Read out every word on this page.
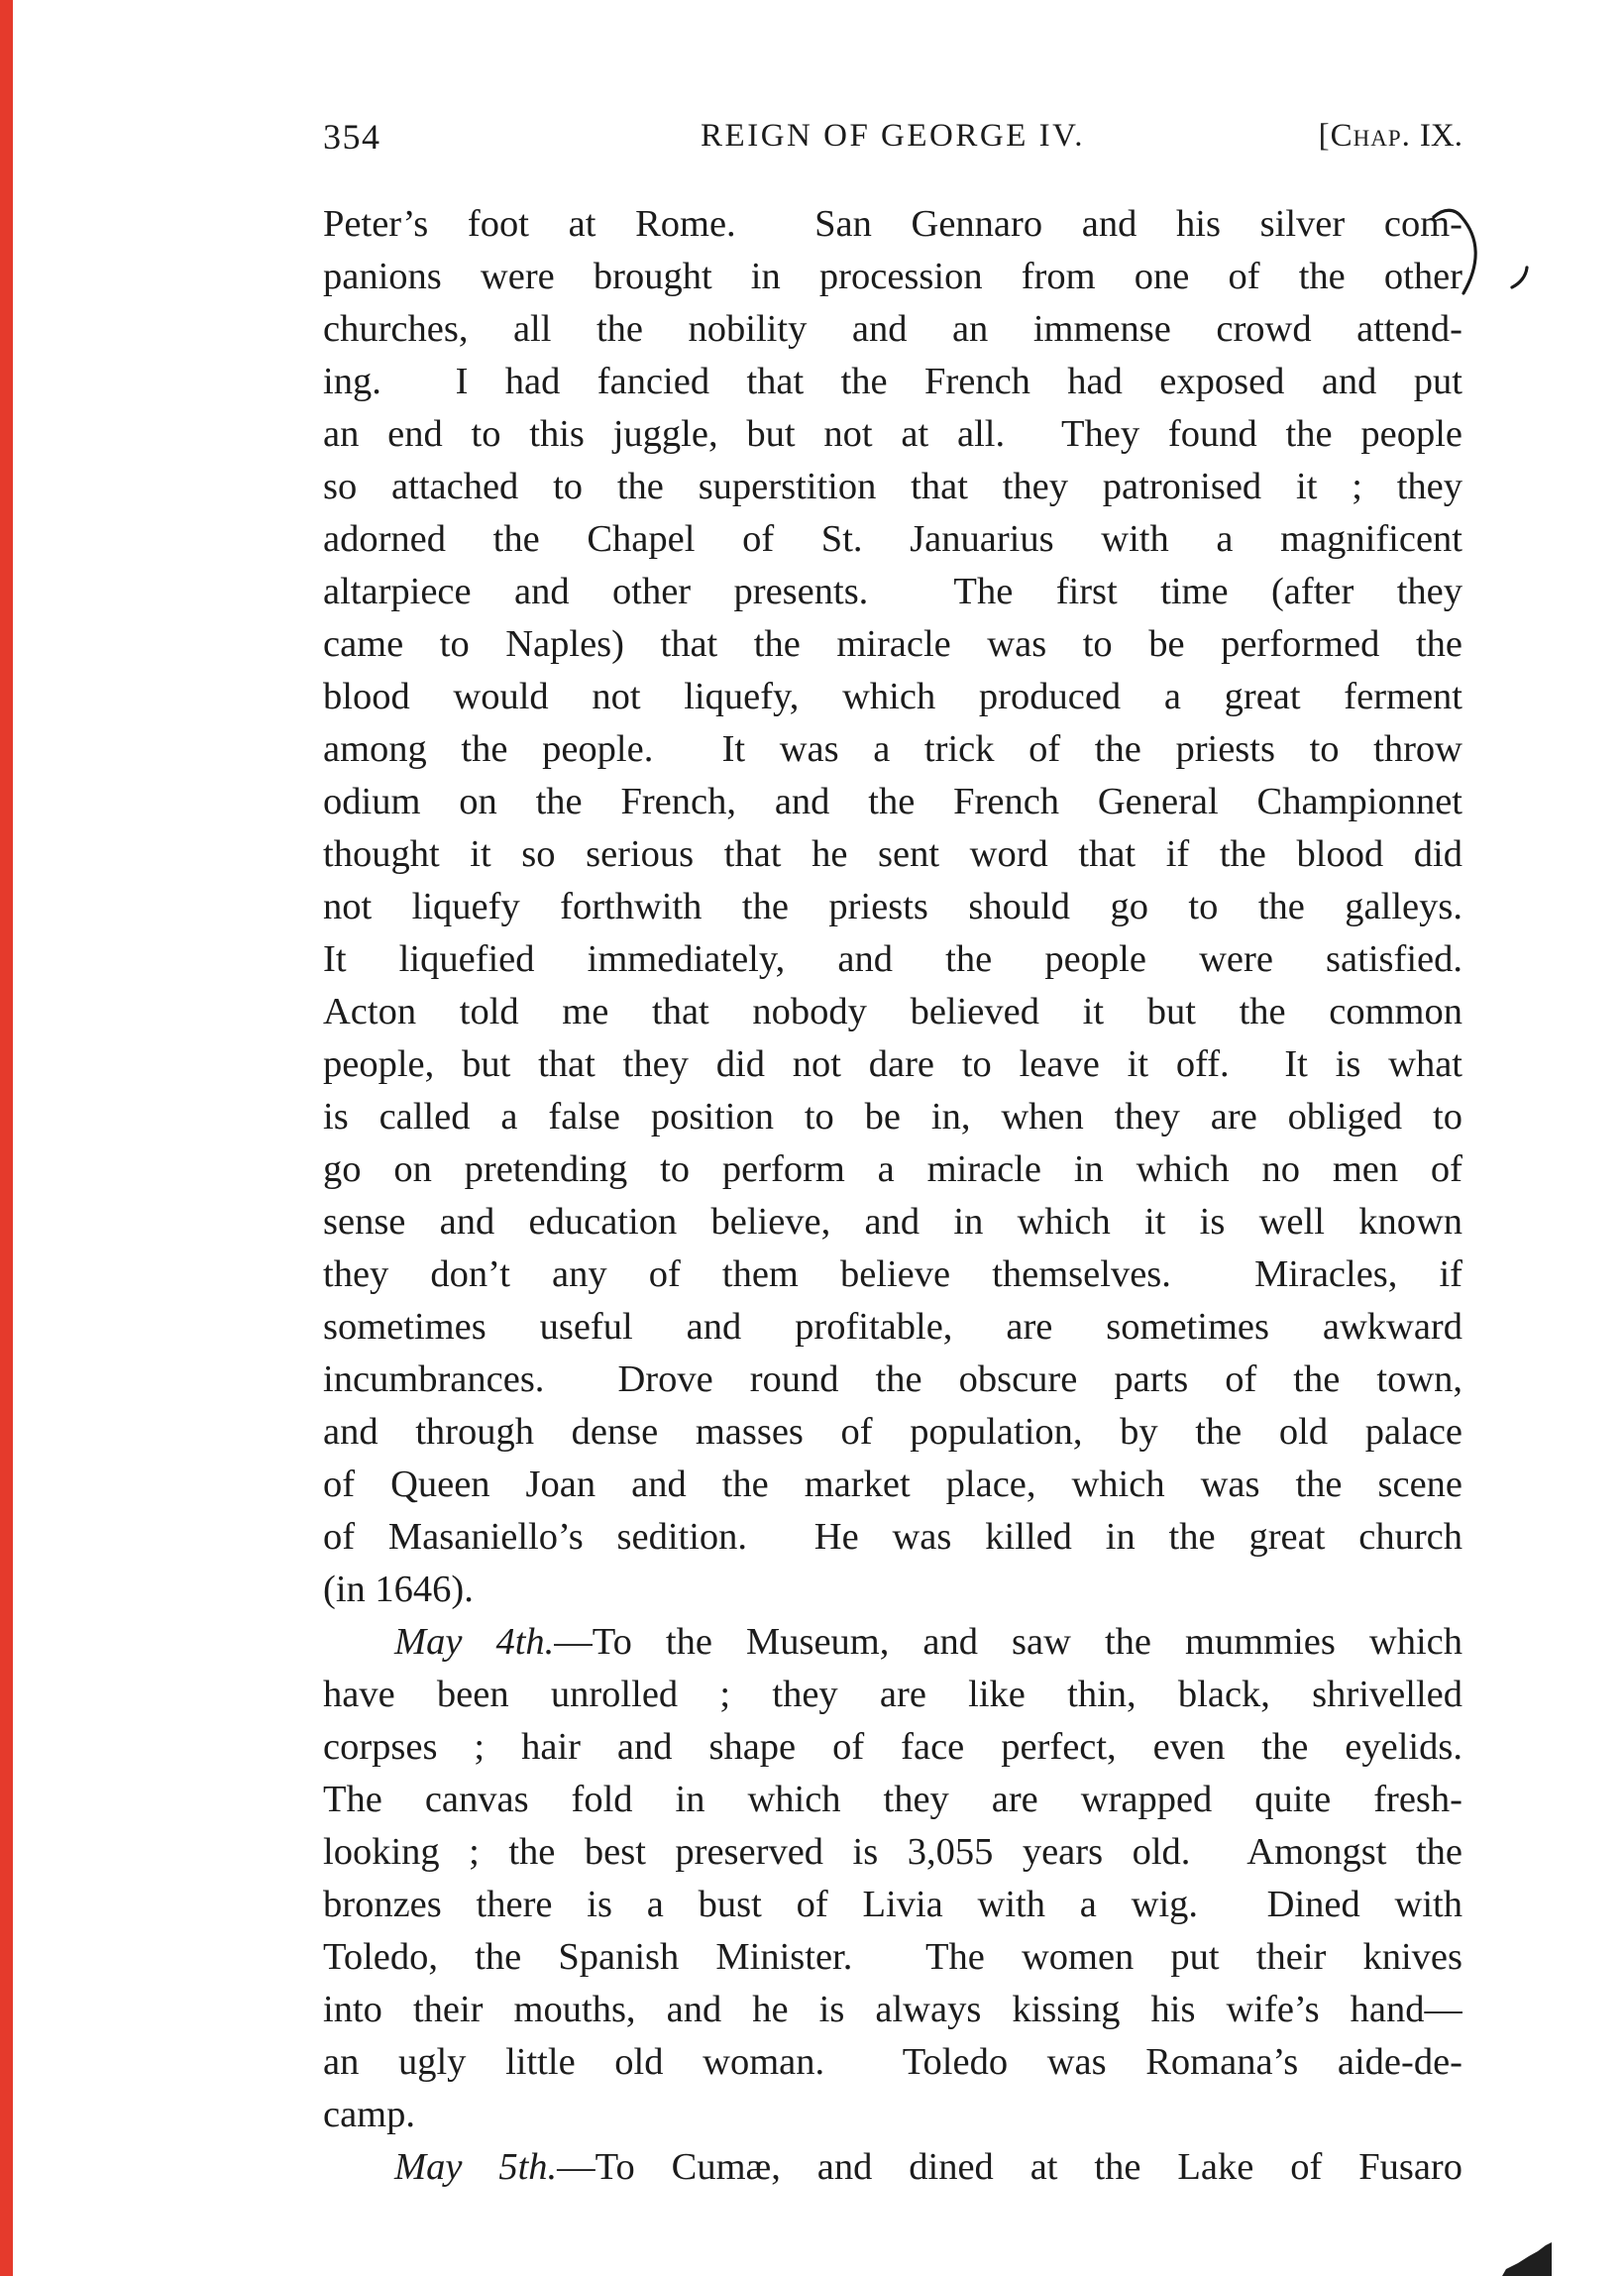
354	REIGN OF GEORGE IV.	[Chap. IX.
Peter’s foot at Rome.  San Gennaro and his silver com-
panions were brought in procession from one of the other
churches, all the nobility and an immense crowd attend-
ing.  I had fancied that the French had exposed and put
an end to this juggle, but not at all.  They found the people
so attached to the superstition that they patronised it ; they
adorned the Chapel of St. Januarius with a magnificent
altarpiece and other presents.  The first time (after they
came to Naples) that the miracle was to be performed the
blood would not liquefy, which produced a great ferment
among the people.  It was a trick of the priests to throw
odium on the French, and the French General Championnet
thought it so serious that he sent word that if the blood did
not liquefy forthwith the priests should go to the galleys.
It liquefied immediately, and the people were satisfied.
Acton told me that nobody believed it but the common
people, but that they did not dare to leave it off.  It is what
is called a false position to be in, when they are obliged to
go on pretending to perform a miracle in which no men of
sense and education believe, and in which it is well known
they don’t any of them believe themselves.  Miracles, if
sometimes useful and profitable, are sometimes awkward
incumbrances.  Drove round the obscure parts of the town,
and through dense masses of population, by the old palace
of Queen Joan and the market place, which was the scene
of Masaniello’s sedition.  He was killed in the great church
(in 1646).
May 4th.—To the Museum, and saw the mummies which
have been unrolled ; they are like thin, black, shrivelled
corpses ; hair and shape of face perfect, even the eyelids.
The canvas fold in which they are wrapped quite fresh-
looking ; the best preserved is 3,055 years old.  Amongst the
bronzes there is a bust of Livia with a wig.  Dined with
Toledo, the Spanish Minister.  The women put their knives
into their mouths, and he is always kissing his wife’s hand—
an ugly little old woman.  Toledo was Romana’s aide-de-
camp.
May 5th.—To Cumæ, and dined at the Lake of Fusaro
